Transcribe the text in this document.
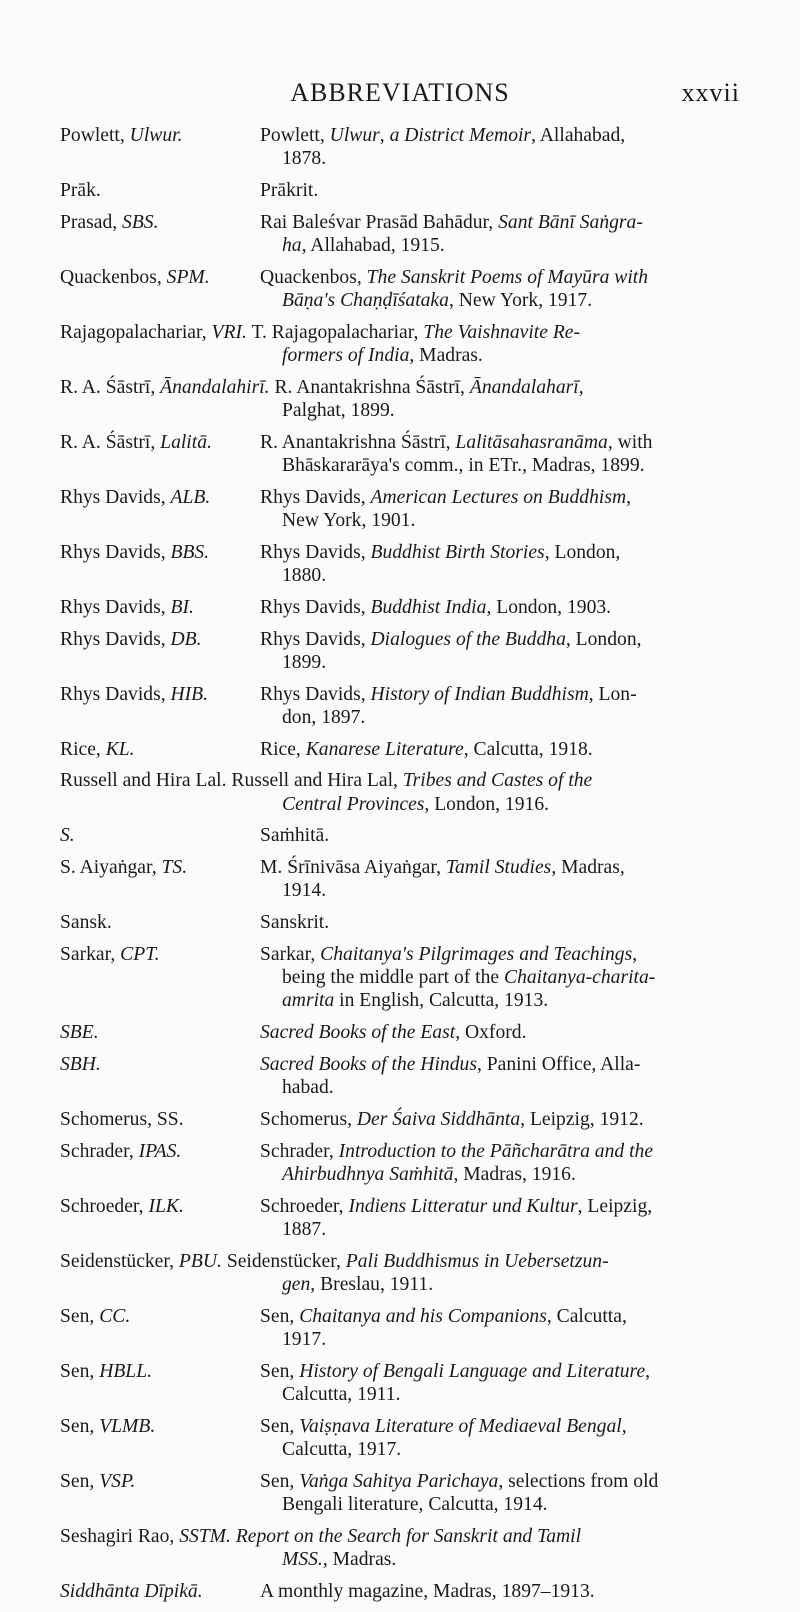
ABBREVIATIONS	xxvii
Powlett, Ulwur.	Powlett, Ulwur, a District Memoir, Allahabad,
1878.
Prāk.	Prākrit.
Prasad, SBS.	Rai Baleśvar Prasād Bahādur, Sant Bānī Saṅgra-
ha, Allahabad, 1915.
Quackenbos, SPM.	Quackenbos, The Sanskrit Poems of Mayūra with
Bāṇa's Chaṇḍīśataka, New York, 1917.
Rajagopalachariar, VRI. T. Rajagopalachariar, The Vaishnavite Re-
formers of India, Madras.
R. A. Śāstrī, Ānandalahirī. R. Anantakrishna Śāstrī, Ānandalaharī,
Palghat, 1899.
R. A. Śāstrī, Lalitā.	R. Anantakrishna Śāstrī, Lalitāsahasranāma, with
Bhāskararāya's comm., in ETr., Madras, 1899.
Rhys Davids, ALB.	Rhys Davids, American Lectures on Buddhism,
New York, 1901.
Rhys Davids, BBS.	Rhys Davids, Buddhist Birth Stories, London,
1880.
Rhys Davids, BI.	Rhys Davids, Buddhist India, London, 1903.
Rhys Davids, DB.	Rhys Davids, Dialogues of the Buddha, London,
1899.
Rhys Davids, HIB.	Rhys Davids, History of Indian Buddhism, Lon-
don, 1897.
Rice, KL.	Rice, Kanarese Literature, Calcutta, 1918.
Russell and Hira Lal. Russell and Hira Lal, Tribes and Castes of the
Central Provinces, London, 1916.
S.	Saṁhitā.
S. Aiyaṅgar, TS.	M. Śrīnivāsa Aiyaṅgar, Tamil Studies, Madras,
1914.
Sansk.	Sanskrit.
Sarkar, CPT.	Sarkar, Chaitanya's Pilgrimages and Teachings,
being the middle part of the Chaitanya-charita-
amrita in English, Calcutta, 1913.
SBE.	Sacred Books of the East, Oxford.
SBH.	Sacred Books of the Hindus, Panini Office, Alla-
habad.
Schomerus, SS.	Schomerus, Der Śaiva Siddhānta, Leipzig, 1912.
Schrader, IPAS.	Schrader, Introduction to the Pāñcharātra and the
Ahirbudhnya Saṁhitā, Madras, 1916.
Schroeder, ILK.	Schroeder, Indiens Litteratur und Kultur, Leipzig,
1887.
Seidenstücker, PBU. Seidenstücker, Pali Buddhismus in Uebersetzun-
gen, Breslau, 1911.
Sen, CC.	Sen, Chaitanya and his Companions, Calcutta,
1917.
Sen, HBLL.	Sen, History of Bengali Language and Literature,
Calcutta, 1911.
Sen, VLMB.	Sen, Vaiṣṇava Literature of Mediaeval Bengal,
Calcutta, 1917.
Sen, VSP.	Sen, Vaṅga Sahitya Parichaya, selections from old
Bengali literature, Calcutta, 1914.
Seshagiri Rao, SSTM. Report on the Search for Sanskrit and Tamil
MSS., Madras.
Siddhānta Dīpikā.	A monthly magazine, Madras, 1897–1913.
